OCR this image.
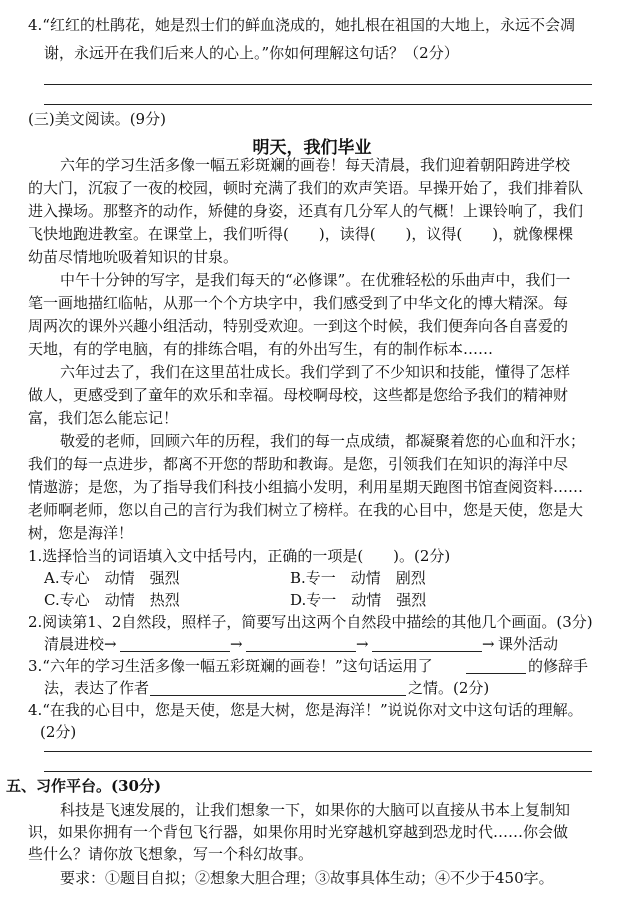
4.“红红的杜鹃花，她是烈士们的鲜血浇成的，她扎根在祖国的大地上，永远不会凋
谢，永远开在我们后来人的心上。”你如何理解这句话？（2分）
(三)美文阅读。(9分)
明天，我们毕业
六年的学习生活多像一幅五彩斑斓的画卷！每天清晨，我们迎着朝阳跨进学校
的大门，沉寂了一夜的校园，顿时充满了我们的欢声笑语。早操开始了，我们排着队
进入操场。那整齐的动作，矫健的身姿，还真有几分军人的气概！上课铃响了，我们
飞快地跑进教室。在课堂上，我们听得(　　)，读得(　　)，议得(　　)，就像棵棵
幼苗尽情地吮吸着知识的甘泉。
中午十分钟的写字，是我们每天的“必修课”。在优雅轻松的乐曲声中，我们一
笔一画地描红临帖，从那一个个方块字中，我们感受到了中华文化的博大精深。每
周两次的课外兴趣小组活动，特别受欢迎。一到这个时候，我们便奔向各自喜爱的
天地，有的学电脑，有的排练合唱，有的外出写生，有的制作标本……
六年过去了，我们在这里茁壮成长。我们学到了不少知识和技能，懂得了怎样
做人，更感受到了童年的欢乐和幸福。母校啊母校，这些都是您给予我们的精神财
富，我们怎么能忘记！
敬爱的老师，回顾六年的历程，我们的每一点成绩，都凝聚着您的心血和汗水；
我们的每一点进步，都离不开您的帮助和教诲。是您，引领我们在知识的海洋中尽
情遨游；是您，为了指导我们科技小组搞小发明，利用星期天跑图书馆查阅资料……
老师啊老师，您以自己的言行为我们树立了榜样。在我的心目中，您是天使，您是大
树，您是海洋！
1.选择恰当的词语填入文中括号内，正确的一项是(　　)。(2分)
A.专心　动情　强烈	B.专一　动情　剧烈
C.专心　动情　热烈	D.专一　动情　强烈
2.阅读第1、2自然段，照样子，简要写出这两个自然段中描绘的其他几个画面。(3分)
清晨进校 →	→	→	→ 课外活动
3.“六年的学习生活多像一幅五彩斑斓的画卷！”这句话运用了	的修辞手
法，表达了作者	之情。(2分)
4.“在我的心目中，您是天使，您是大树，您是海洋！”说说你对文中这句话的理解。
(2分)
五、习作平台。(30分)
科技是飞速发展的，让我们想象一下，如果你的大脑可以直接从书本上复制知
识，如果你拥有一个背包飞行器，如果你用时光穿越机穿越到恐龙时代……你会做
些什么？请你放飞想象，写一个科幻故事。
要求：①题目自拟；②想象大胆合理；③故事具体生动；④不少于450字。
